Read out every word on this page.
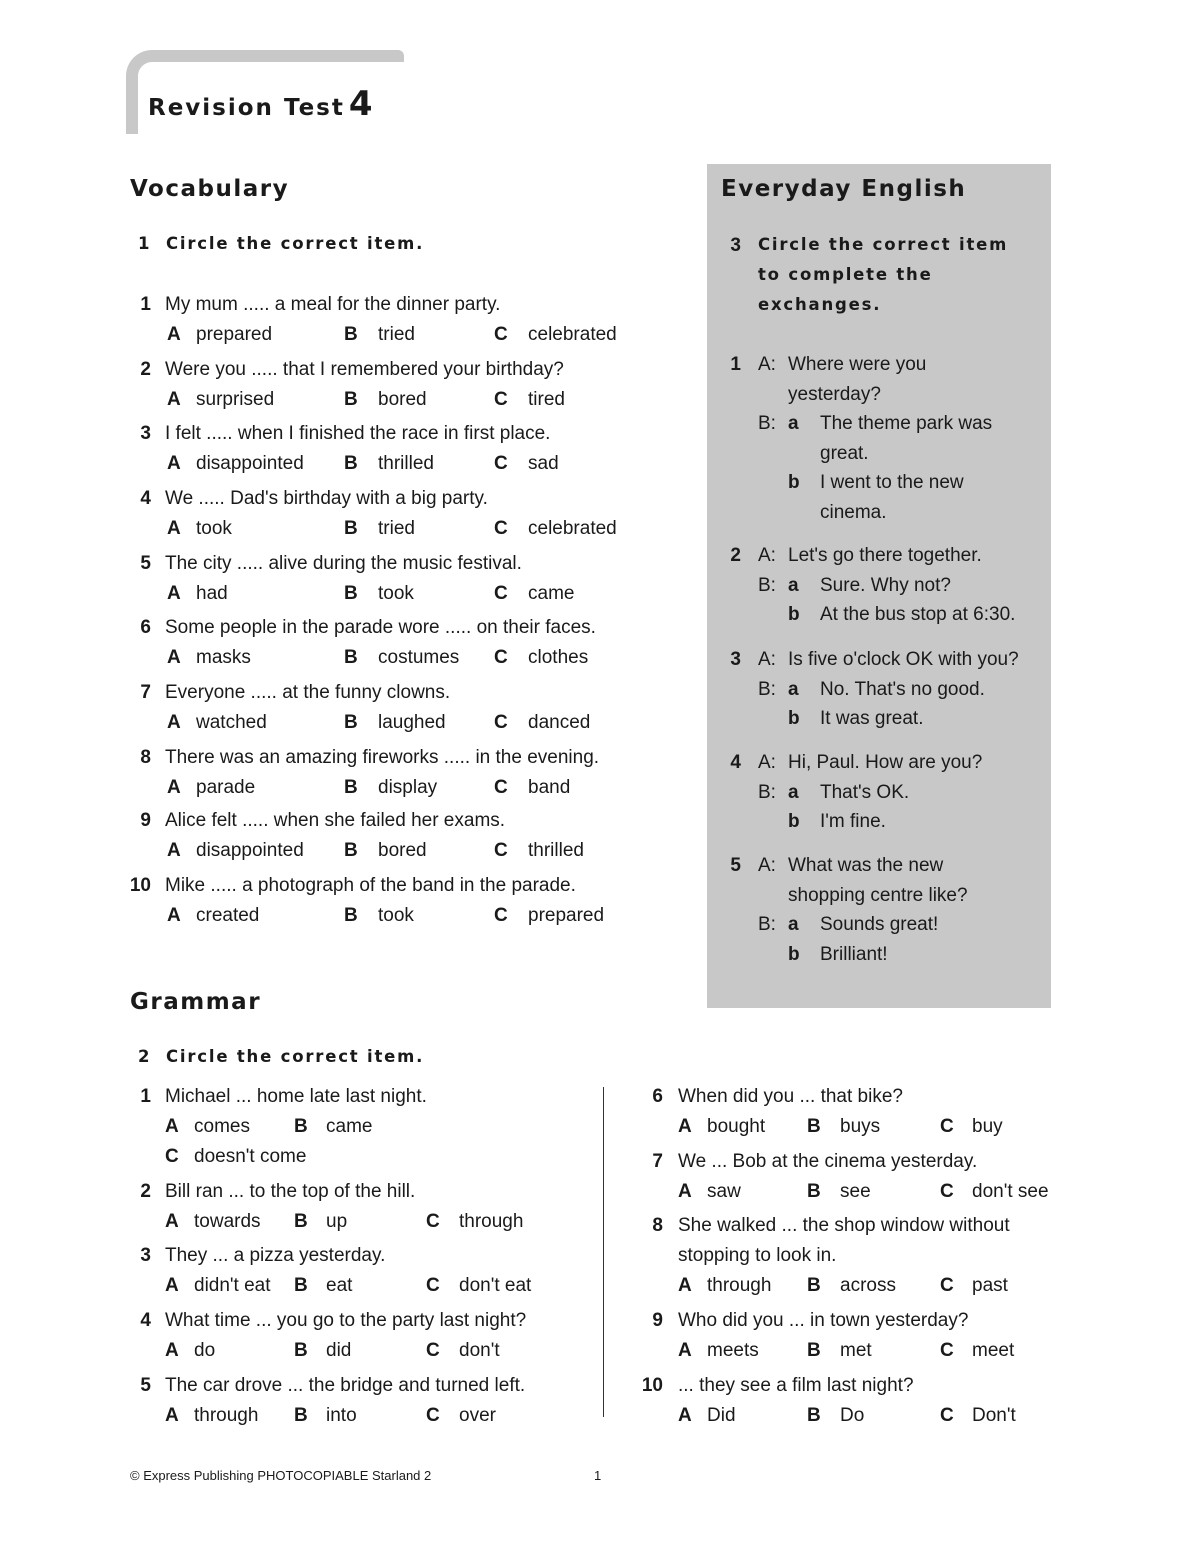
Revision Test 4
Vocabulary
1 Circle the correct item.
1 My mum ..... a meal for the dinner party.
A prepared	B tried	C celebrated
2 Were you ..... that I remembered your birthday?
A surprised	B bored	C tired
3 I felt ..... when I finished the race in first place.
A disappointed B thrilled	C sad
4 We ..... Dad's birthday with a big party.
A took	B tried	C celebrated
5 The city ..... alive during the music festival.
A had	B took	C came
6 Some people in the parade wore ..... on their faces.
A masks	B costumes C clothes
7 Everyone ..... at the funny clowns.
A watched	B laughed	C danced
8 There was an amazing fireworks ..... in the evening.
A parade	B display	C band
9 Alice felt ..... when she failed her exams.
A disappointed B bored	C thrilled
10 Mike ..... a photograph of the band in the parade.
A created	B took	C prepared
Everyday English
3 Circle the correct item to complete the exchanges.
1 A: Where were you
yesterday?
B: a The theme park was
great.
b I went to the new
cinema.
2 A: Let's go there together.
B: a Sure. Why not?
b At the bus stop at 6:30.
3 A: Is five o'clock OK with you?
B: a No. That's no good.
b It was great.
4 A: Hi, Paul. How are you?
B: a That's OK.
b I'm fine.
5 A: What was the new
shopping centre like?
B: a Sounds great!
b Brilliant!
Grammar
2 Circle the correct item.
1 Michael ... home late last night.
A comes B came
C doesn't come
2 Bill ran ... to the top of the hill.
A towards B up	C through
3 They ... a pizza yesterday.
A didn't eat B eat	C don't eat
4 What time ... you go to the party last night?
A do	B did	C don't
5 The car drove ... the bridge and turned left.
A through B into	C over
6 When did you ... that bike?
A bought B buys	C buy
7 We ... Bob at the cinema yesterday.
A saw	B see	C don't see
8 She walked ... the shop window without
stopping to look in.
A through B across C past
9 Who did you ... in town yesterday?
A meets	B met	C meet
10 ... they see a film last night?
A Did	B Do	C Don't
© Express Publishing PHOTOCOPIABLE Starland 2	1
